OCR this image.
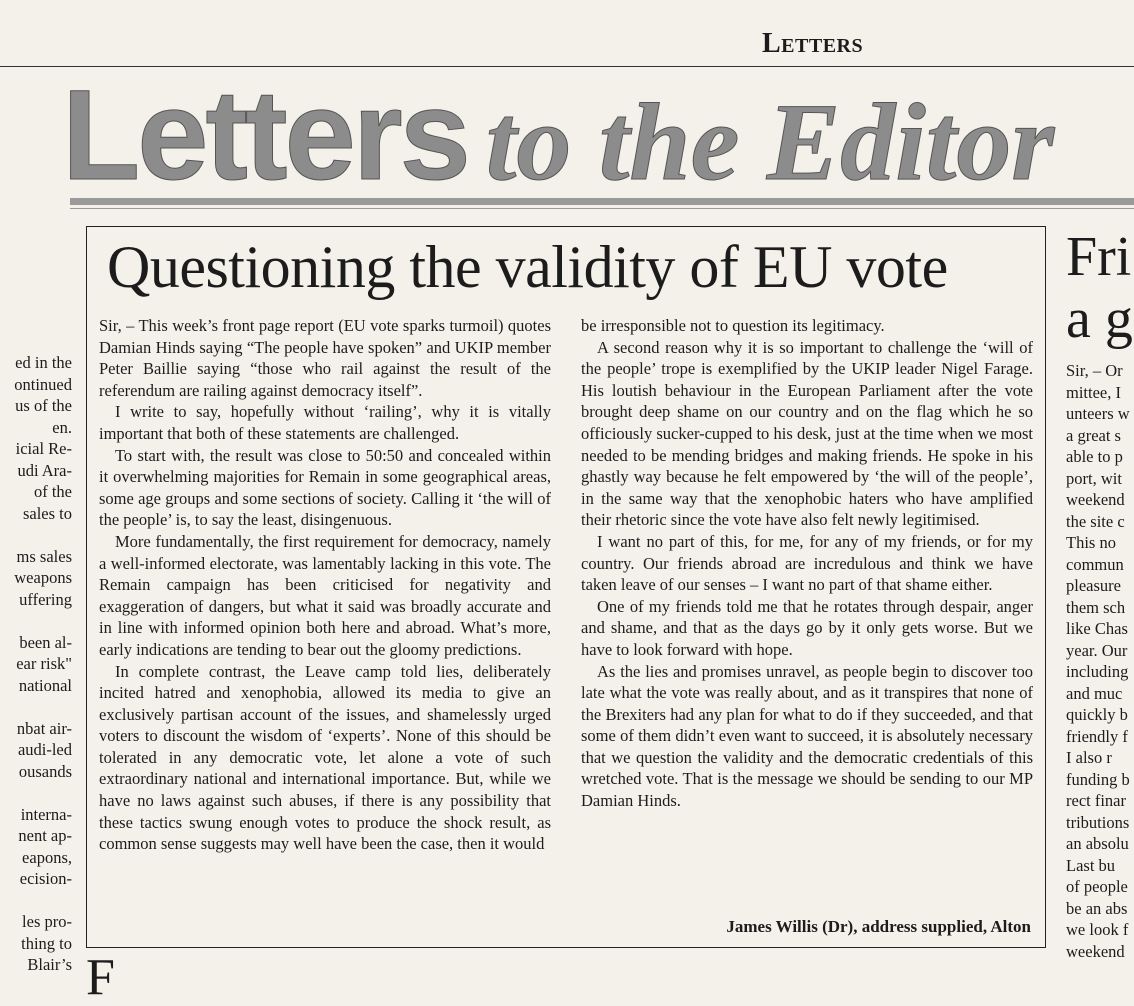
Letters
Letters to the Editor
ed in the
ontinued
us of the
en.
icial Re-
udi Ara-
of the
sales to
ms sales
weapons
uffering
been al-
ear risk"
national
nbat air-
audi-led
ousands
interna-
nent ap-
eapons,
ecision-
les pro-
thing to
Blair’s
Questioning the validity of EU vote

Sir, – This week’s front page report (EU vote sparks turmoil) quotes Damian Hinds saying “The people have spoken” and UKIP member Peter Baillie saying “those who rail against the result of the referendum are railing against democracy itself”.

I write to say, hopefully without ‘railing’, why it is vitally important that both of these statements are challenged.

To start with, the result was close to 50:50 and concealed within it overwhelming majorities for Remain in some geographical areas, some age groups and some sections of society. Calling it ‘the will of the people’ is, to say the least, disingenuous.

More fundamentally, the first requirement for democracy, namely a well-informed electorate, was lamentably lacking in this vote. The Remain campaign has been criticised for negativity and exaggeration of dangers, but what it said was broadly accurate and in line with informed opinion both here and abroad. What’s more, early indications are tending to bear out the gloomy predictions.

In complete contrast, the Leave camp told lies, deliberately incited hatred and xenophobia, allowed its media to give an exclusively partisan account of the issues, and shamelessly urged voters to discount the wisdom of ‘experts’. None of this should be tolerated in any democratic vote, let alone a vote of such extraordinary national and international importance. But, while we have no laws against such abuses, if there is any possibility that these tactics swung enough votes to produce the shock result, as common sense suggests may well have been the case, then it would

be irresponsible not to question its legitimacy.

A second reason why it is so important to challenge the ‘will of the people’ trope is exemplified by the UKIP leader Nigel Farage. His loutish behaviour in the European Parliament after the vote brought deep shame on our country and on the flag which he so officiously sucker-cupped to his desk, just at the time when we most needed to be mending bridges and making friends. He spoke in his ghastly way because he felt empowered by ‘the will of the people’, in the same way that the xenophobic haters who have amplified their rhetoric since the vote have also felt newly legitimised.

I want no part of this, for me, for any of my friends, or for my country. Our friends abroad are incredulous and think we have taken leave of our senses – I want no part of that shame either.

One of my friends told me that he rotates through despair, anger and shame, and that as the days go by it only gets worse. But we have to look forward with hope.

As the lies and promises unravel, as people begin to discover too late what the vote was really about, and as it transpires that none of the Brexiters had any plan for what to do if they succeeded, and that some of them didn’t even want to succeed, it is absolutely necessary that we question the validity and the democratic credentials of this wretched vote. That is the message we should be sending to our MP Damian Hinds.

James Willis (Dr), address supplied, Alton
Fri
a g
Sir, – Or
mittee, I
unteers w
a great s
able to p
port, wit
weekend
the site c
This no
commun
pleasure
them sch
like Chas
year. Our
including
and muc
quickly b
friendly f
I also r
funding b
rect finar
tributions
an absolu
Last bu
of people
be an abs
we look f
weekend
F
